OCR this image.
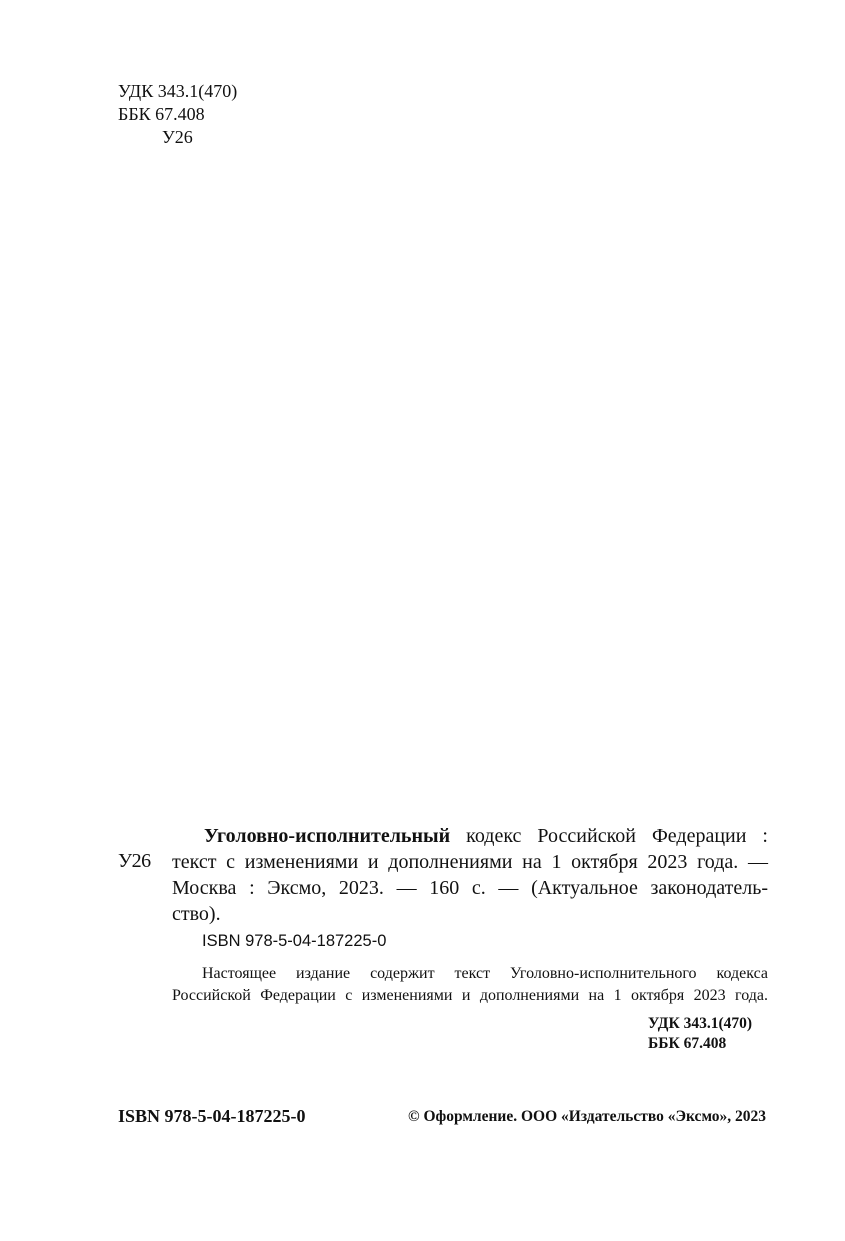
УДК 343.1(470)
ББК 67.408
У26
У26
Уголовно-исполнительный кодекс Российской Федерации :
текст с изменениями и дополнениями на 1 октября 2023 года. —
Москва : Эксмо, 2023. — 160 с. — (Актуальное законодатель-
ство).
ISBN 978-5-04-187225-0
Настоящее издание содержит текст Уголовно-исполнительного кодекса
Российской Федерации с изменениями и дополнениями на 1 октября 2023 года.
УДК 343.1(470)
ББК 67.408
ISBN 978-5-04-187225-0	© Оформление. ООО «Издательство «Эксмо», 2023
